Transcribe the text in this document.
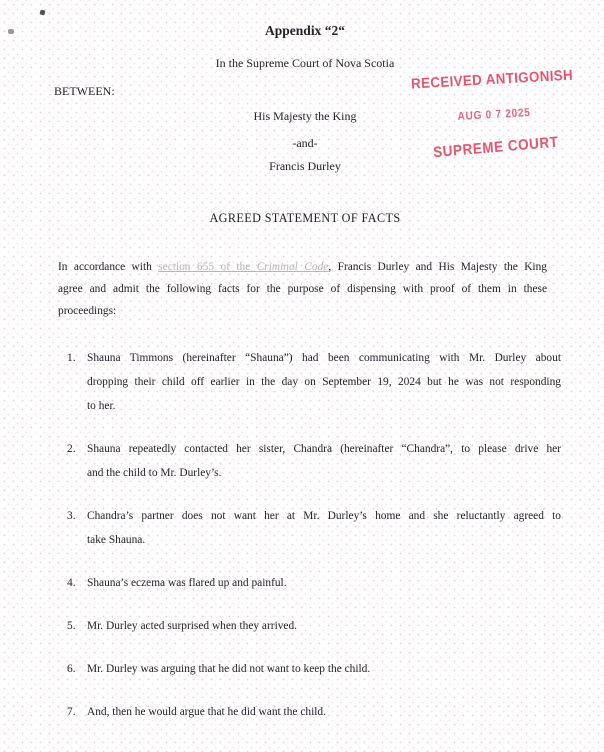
Appendix “2“
In the Supreme Court of Nova Scotia
BETWEEN:
His Majesty the King
-and-
Francis Durley
RECEIVED ANTIGONISH
AUG 0 7 2025
SUPREME COURT
AGREED STATEMENT OF FACTS
In accordance with section 655 of the Criminal Code, Francis Durley and His Majesty the King
agree and admit the following facts for the purpose of dispensing with proof of them in these
proceedings:
1.	Shauna Timmons (hereinafter “Shauna”) had been communicating with Mr. Durley about
dropping their child off earlier in the day on September 19, 2024 but he was not responding
to her.
2.	Shauna repeatedly contacted her sister, Chandra (hereinafter “Chandra”, to please drive her
and the child to Mr. Durley’s.
3.	Chandra’s partner does not want her at Mr. Durley’s home and she reluctantly agreed to
take Shauna.
4.	Shauna’s eczema was flared up and painful.
5.	Mr. Durley acted surprised when they arrived.
6.	Mr. Durley was arguing that he did not want to keep the child.
7.	And, then he would argue that he did want the child.
